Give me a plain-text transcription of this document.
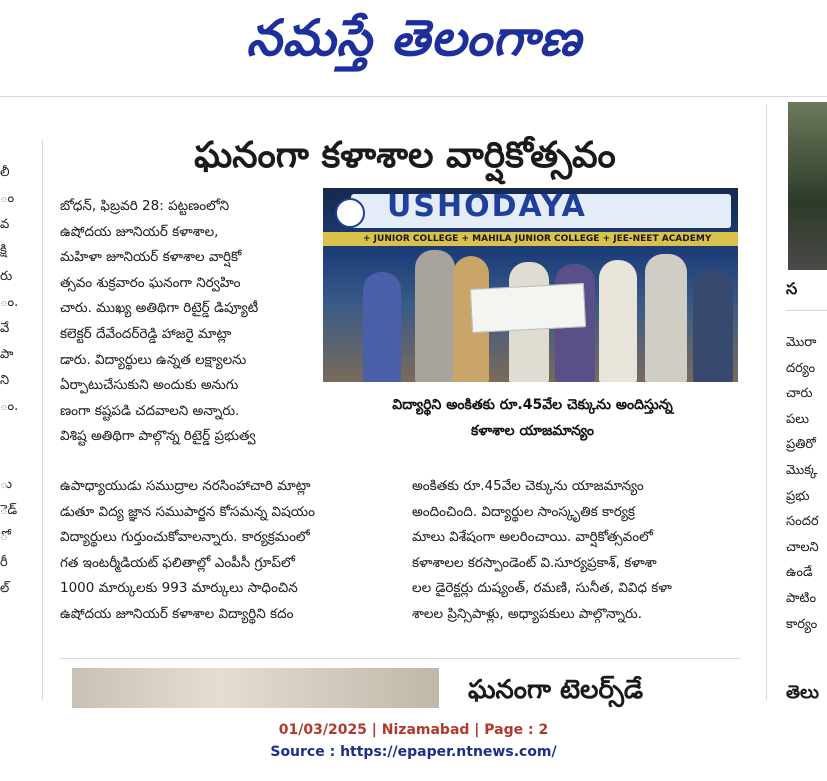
నమస్తే తెలంగాణ
లీ
ం
వ
క్షి
రు
ం.
వే
పా
ని
ం.
ు
ెడ్
ో
రీ
ల్
ఘనంగా కళాశాల వార్షికోత్సవం
బోధన్, ఫిబ్రవరి 28: పట్టణంలోని
ఉషోదయ జూనియర్ కళాశాల,
మహిళా జూనియర్ కళాశాల వార్షికో
త్సవం శుక్రవారం ఘనంగా నిర్వహిం
చారు. ముఖ్య అతిథిగా రిటైర్డ్ డిప్యూటీ
కలెక్టర్ దేవేందర్‌రెడ్డి హాజరై మాట్లా
డారు. విద్యార్థులు ఉన్నత లక్ష్యాలను
ఏర్పాటుచేసుకుని అందుకు అనుగు
ణంగా కష్టపడి చదవాలని అన్నారు.
విశిష్ట అతిథిగా పాల్గొన్న రిటైర్డ్ ప్రభుత్వ
ఉపాధ్యాయుడు సముద్రాల నరసింహాచారి మాట్లా
డుతూ విద్య జ్ఞాన సముపార్జన కోసమన్న విషయం
విద్యార్థులు గుర్తుంచుకోవాలన్నారు. కార్యక్రమంలో
గత ఇంటర్మీడియట్ ఫలితాల్లో ఎంపీసీ గ్రూప్‌లో
1000 మార్కులకు 993 మార్కులు సాధించిన
ఉషోదయ జూనియర్ కళాశాల విద్యార్థిని కదం
USHODAYA
+ JUNIOR COLLEGE + MAHILA JUNIOR COLLEGE + JEE-NEET ACADEMY
విద్యార్థిని అంకితకు రూ.45వేల చెక్కును అందిస్తున్న
కళాశాల యాజమాన్యం
అంకితకు రూ.45వేల చెక్కును యాజమాన్యం
అందించింది. విద్యార్థుల సాంస్కృతిక కార్యక్ర
మాలు విశేషంగా అలరించాయి. వార్షికోత్సవంలో
కళాశాలల కరస్పాండెంట్ వి.సూర్యప్రకాశ్, కళాశా
లల డైరెక్టర్లు దుష్యంత్, రమణి, సునీత, వివిధ కళా
శాలల ప్రిన్సిపాళ్లు, అధ్యాపకులు పాల్గొన్నారు.
స
మొరా
దర్యం
చారు
పలు
ప్రతిరో
మొక్క
ప్రభు
సందర
చాలని
ఉండే
పాటిం
కార్యం
ఘనంగా టెలర్స్‌డే	తెలు
01/03/2025 | Nizamabad | Page : 2
Source : https://epaper.ntnews.com/
